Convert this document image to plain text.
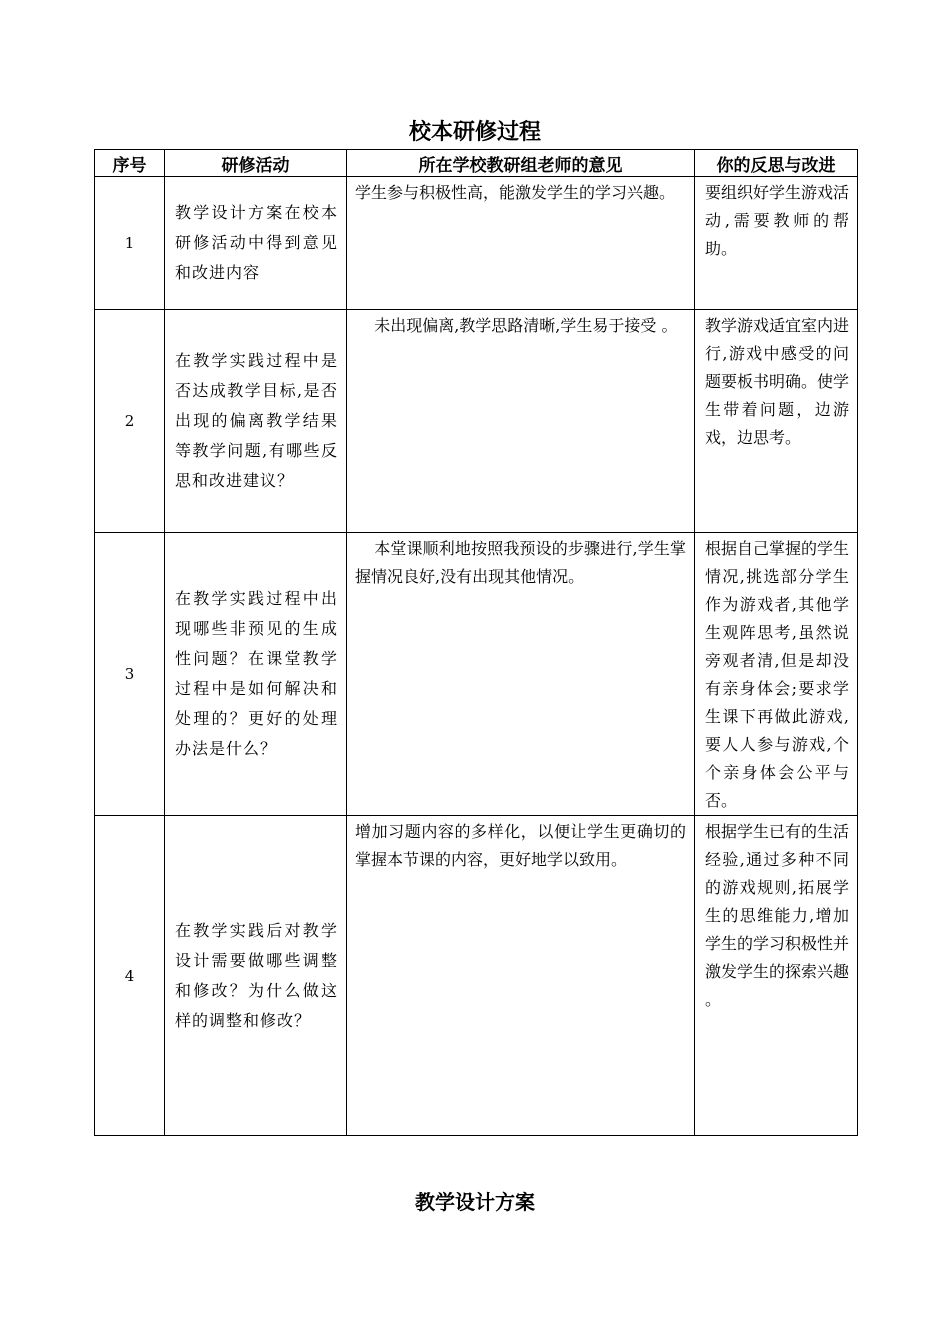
校本研修过程
序号	研修活动	所在学校教研组老师的意见	你的反思与改进
1	教学设计方案在校本研修活动中得到意见和改进内容	学生参与积极性高，能激发学生的学习兴趣。	要组织好学生游戏活动,需要教师的帮助。
2	在教学实践过程中是否达成教学目标,是否出现的偏离教学结果等教学问题,有哪些反思和改进建议？	未出现偏离,教学思路清晰,学生易于接受 。	教学游戏适宜室内进行,游戏中感受的问题要板书明确。使学生带着问题，边游戏，边思考。
3	在教学实践过程中出现哪些非预见的生成性问题？在课堂教学过程中是如何解决和处理的？更好的处理办法是什么？	本堂课顺利地按照我预设的步骤进行,学生掌握情况良好,没有出现其他情况。	根据自己掌握的学生情况,挑选部分学生作为游戏者,其他学生观阵思考,虽然说旁观者清,但是却没有亲身体会;要求学生课下再做此游戏,要人人参与游戏,个个亲身体会公平与否。
4	在教学实践后对教学设计需要做哪些调整和修改？为什么做这样的调整和修改？	增加习题内容的多样化，以便让学生更确切的掌握本节课的内容，更好地学以致用。	根据学生已有的生活经验,通过多种不同的游戏规则,拓展学生的思维能力,增加学生的学习积极性并激发学生的探索兴趣 。
教学设计方案
